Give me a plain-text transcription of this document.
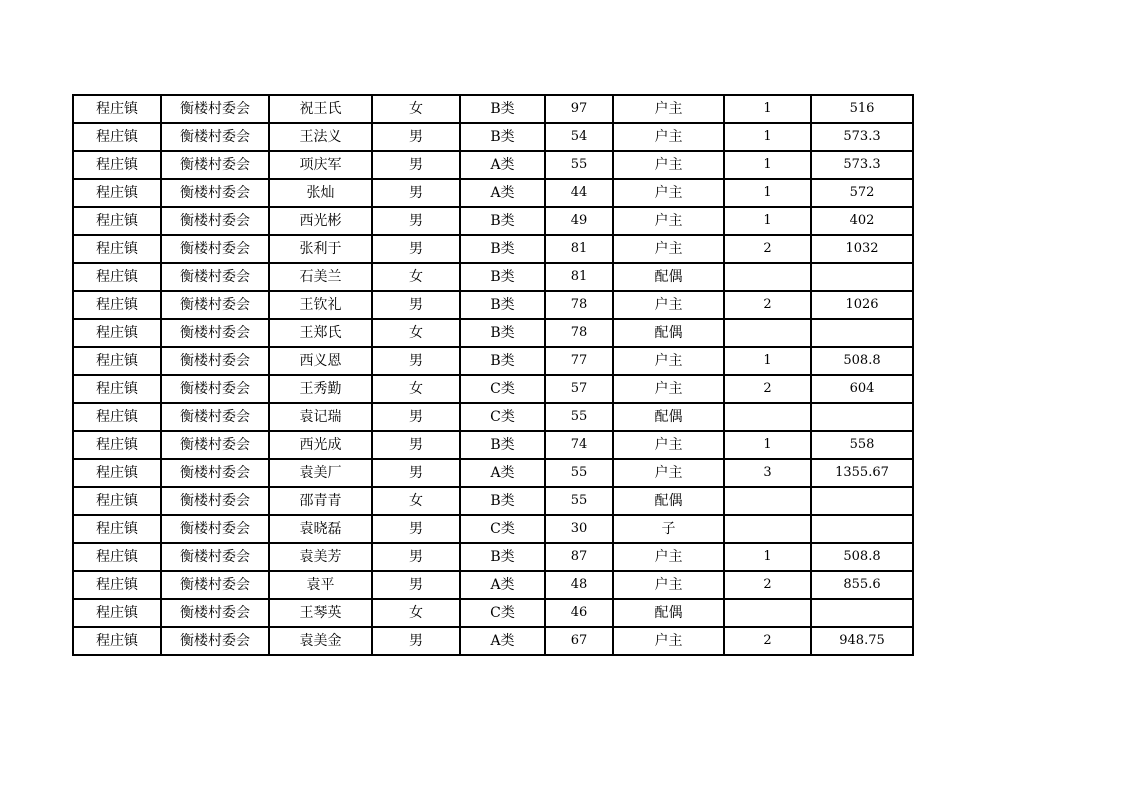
程庄镇	衡楼村委会	祝王氏	女	B类	97	户主	1	516
程庄镇	衡楼村委会	王法义	男	B类	54	户主	1	573.3
程庄镇	衡楼村委会	项庆军	男	A类	55	户主	1	573.3
程庄镇	衡楼村委会	张灿	男	A类	44	户主	1	572
程庄镇	衡楼村委会	西光彬	男	B类	49	户主	1	402
程庄镇	衡楼村委会	张利于	男	B类	81	户主	2	1032
程庄镇	衡楼村委会	石美兰	女	B类	81	配偶		
程庄镇	衡楼村委会	王钦礼	男	B类	78	户主	2	1026
程庄镇	衡楼村委会	王郑氏	女	B类	78	配偶		
程庄镇	衡楼村委会	西义恩	男	B类	77	户主	1	508.8
程庄镇	衡楼村委会	王秀勤	女	C类	57	户主	2	604
程庄镇	衡楼村委会	袁记瑞	男	C类	55	配偶		
程庄镇	衡楼村委会	西光成	男	B类	74	户主	1	558
程庄镇	衡楼村委会	袁美厂	男	A类	55	户主	3	1355.67
程庄镇	衡楼村委会	邵青青	女	B类	55	配偶		
程庄镇	衡楼村委会	袁晓磊	男	C类	30	子		
程庄镇	衡楼村委会	袁美芳	男	B类	87	户主	1	508.8
程庄镇	衡楼村委会	袁平	男	A类	48	户主	2	855.6
程庄镇	衡楼村委会	王琴英	女	C类	46	配偶		
程庄镇	衡楼村委会	袁美金	男	A类	67	户主	2	948.75
